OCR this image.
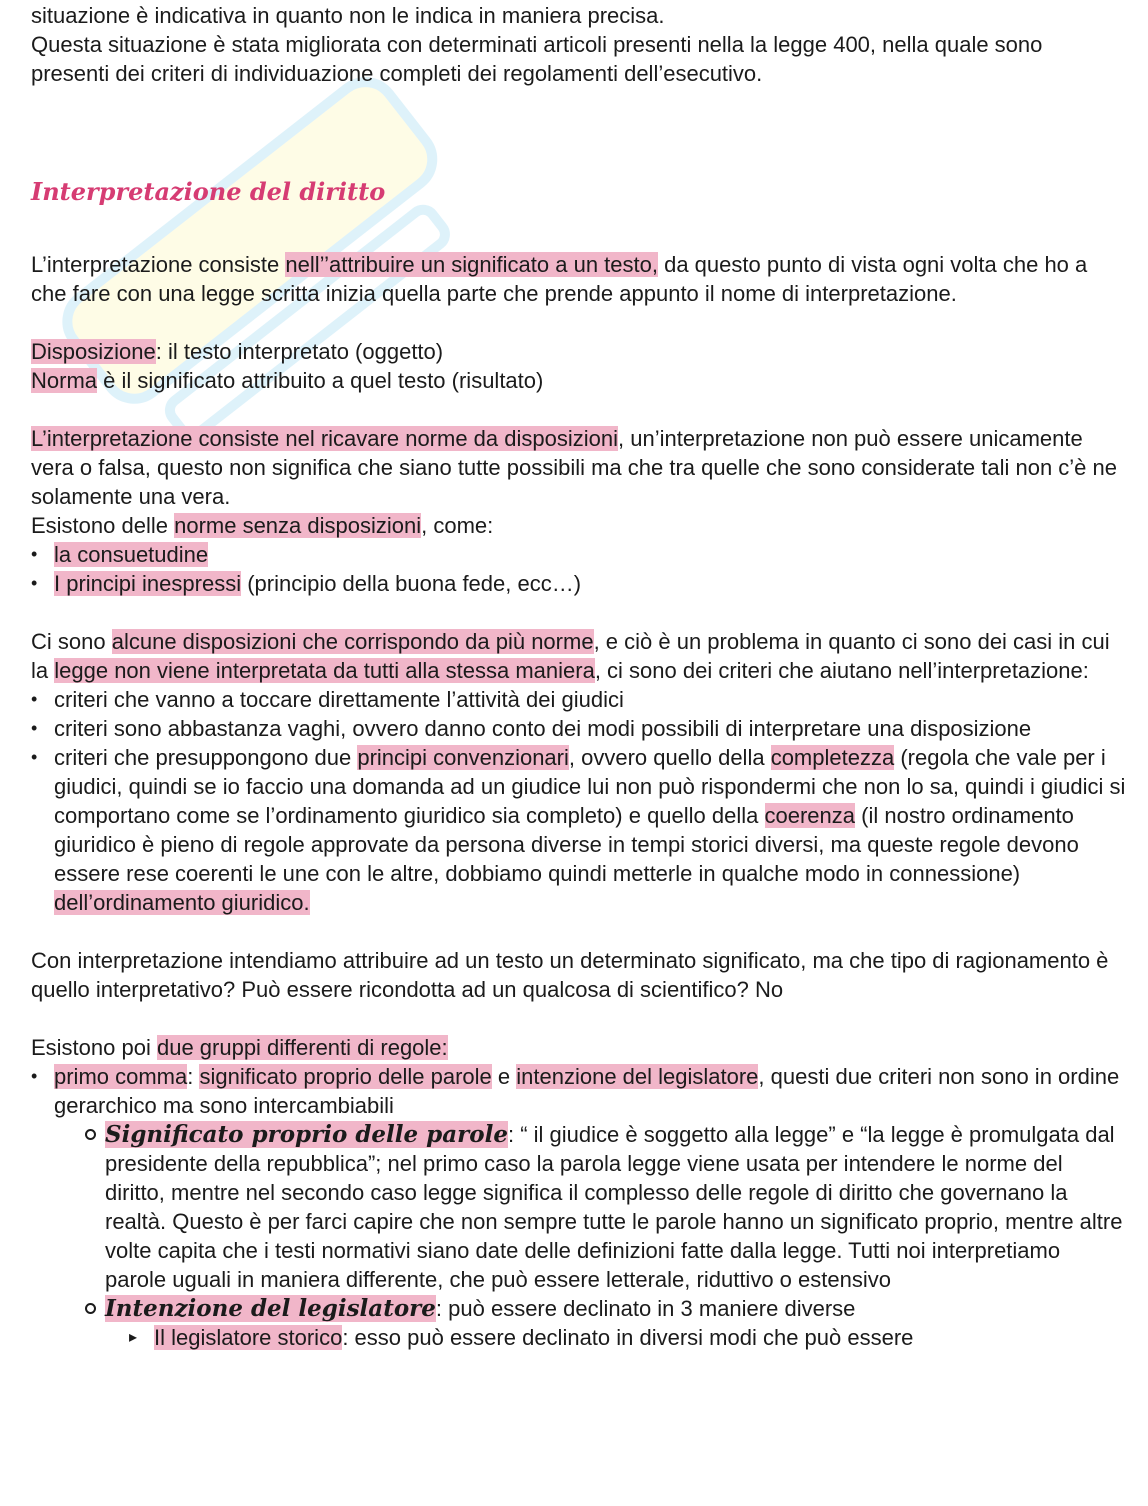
situazione è indicativa in quanto non le indica in maniera precisa.

Questa situazione è stata migliorata con determinati articoli presenti nella la legge 400, nella quale sono presenti dei criteri di individuazione completi dei regolamenti dell’esecutivo.

Interpretazione del diritto

L’interpretazione consiste nell’’attribuire un significato a un testo, da questo punto di vista ogni volta che ho a che fare con una legge scritta inizia quella parte che prende appunto il nome di interpretazione.

Disposizione: il testo interpretato (oggetto)

Norma è il significato attribuito a quel testo (risultato)

L’interpretazione consiste nel ricavare norme da disposizioni, un’interpretazione non può essere unicamente vera o falsa, questo non significa che siano tutte possibili ma che tra quelle che sono considerate tali non c’è ne solamente una vera.

Esistono delle norme senza disposizioni, come:

• la consuetudine
• I principi inespressi (principio della buona fede, ecc…)

Ci sono alcune disposizioni che corrispondo da più norme, e ciò è un problema in quanto ci sono dei casi in cui la legge non viene interpretata da tutti alla stessa maniera, ci sono dei criteri che aiutano nell’interpretazione:

• criteri che vanno a toccare direttamente l’attività dei giudici
• criteri sono abbastanza vaghi, ovvero danno conto dei modi possibili di interpretare una disposizione
• criteri che presuppongono due principi convenzionari, ovvero quello della completezza (regola che vale per i giudici, quindi se io faccio una domanda ad un giudice lui non può rispondermi che non lo sa, quindi i giudici si comportano come se l’ordinamento giuridico sia completo) e quello della coerenza (il nostro ordinamento giuridico è pieno di regole approvate da persona diverse in tempi storici diversi, ma queste regole devono essere rese coerenti le une con le altre, dobbiamo quindi metterle in qualche modo in connessione) dell’ordinamento giuridico.

Con interpretazione intendiamo attribuire ad un testo un determinato significato, ma che tipo di ragionamento è quello interpretativo? Può essere ricondotta ad un qualcosa di scientifico? No

Esistono poi due gruppi differenti di regole:

• primo comma: significato proprio delle parole e intenzione del legislatore, questi due criteri non sono in ordine gerarchico ma sono intercambiabili
Significato proprio delle parole: “ il giudice è soggetto alla legge” e “la legge è promulgata dal presidente della repubblica”; nel primo caso la parola legge viene usata per intendere le norme del diritto, mentre nel secondo caso legge significa il complesso delle regole di diritto che governano la realtà. Questo è per farci capire che non sempre tutte le parole hanno un significato proprio, mentre altre volte capita che i testi normativi siano date delle definizioni fatte dalla legge. Tutti noi interpretiamo parole uguali in maniera differente, che può essere letterale, riduttivo o estensivo
Intenzione del legislatore: può essere declinato in 3 maniere diverse
▸ Il legislatore storico: esso può essere declinato in diversi modi che può essere
